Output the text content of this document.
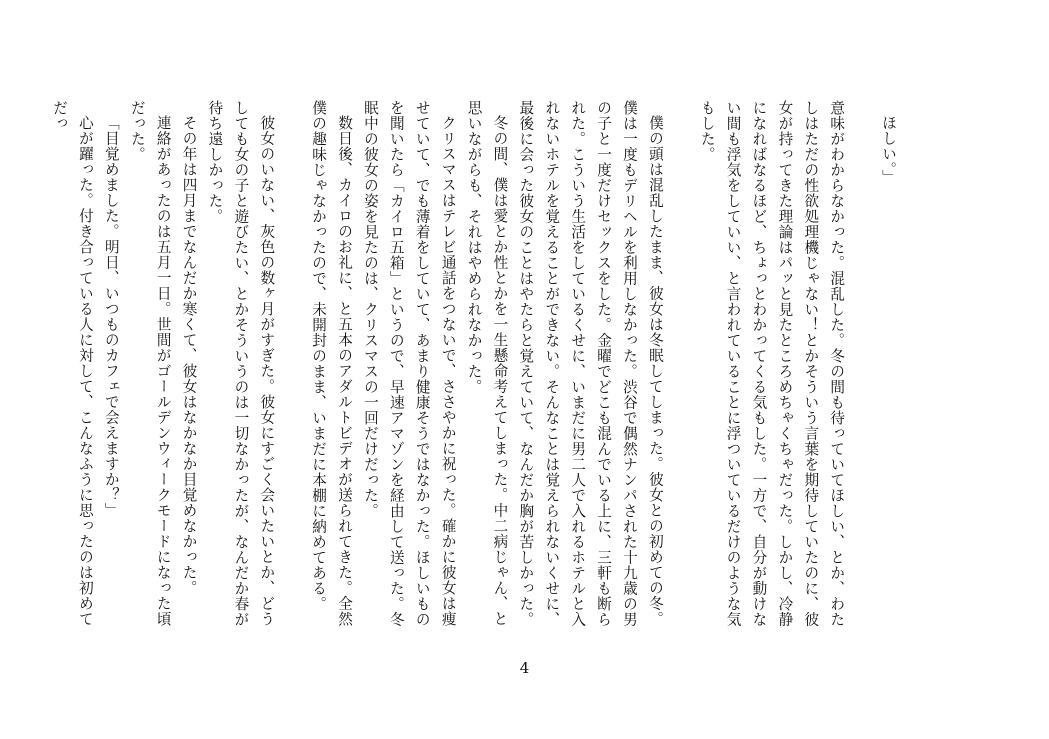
ほしい。」

意味がわからなかった。混乱した。冬の間も待っていてほしい、とか、わたしはただの性欲処理機じゃない！とかそういう言葉を期待していたのに、彼女が持ってきた理論はパッと見たところめちゃくちゃだった。しかし、冷静になればなるほど、ちょっとわかってくる気もした。一方で、自分が動けない間も浮気をしていい、と言われていることに浮ついているだけのような気もした。

僕の頭は混乱したまま、彼女は冬眠してしまった。彼女との初めての冬。僕は一度もデリヘルを利用しなかった。渋谷で偶然ナンパされた十九歳の男の子と一度だけセックスをした。金曜でどこも混んでいる上に、三軒も断られた。こういう生活をしているくせに、いまだに男二人で入れるホテルと入れないホテルを覚えることができない。そんなことは覚えられないくせに、最後に会った彼女のことはやたらと覚えていて、なんだか胸が苦しかった。

冬の間、僕は愛とか性とかを一生懸命考えてしまった。中二病じゃん、と思いながらも、それはやめられなかった。

クリスマスはテレビ通話をつないで、ささやかに祝った。確かに彼女は痩せていて、でも薄着をしていて、あまり健康そうではなかった。ほしいものを聞いたら「カイロ五箱」というので、早速アマゾンを経由して送った。冬眠中の彼女の姿を見たのは、クリスマスの一回だけだった。

数日後、カイロのお礼に、と五本のアダルトビデオが送られてきた。全然僕の趣味じゃなかったので、未開封のまま、いまだに本棚に納めてある。

彼女のいない、灰色の数ヶ月がすぎた。彼女にすごく会いたいとか、どうしても女の子と遊びたい、とかそういうのは一切なかったが、なんだか春が待ち遠しかった。

その年は四月までなんだか寒くて、彼女はなかなか目覚めなかった。

連絡があったのは五月一日。世間がゴールデンウィークモードになった頃だった。

「目覚めました。明日、いつものカフェで会えますか？」

心が躍った。付き合っている人に対して、こんなふうに思ったのは初めてだっ

4
